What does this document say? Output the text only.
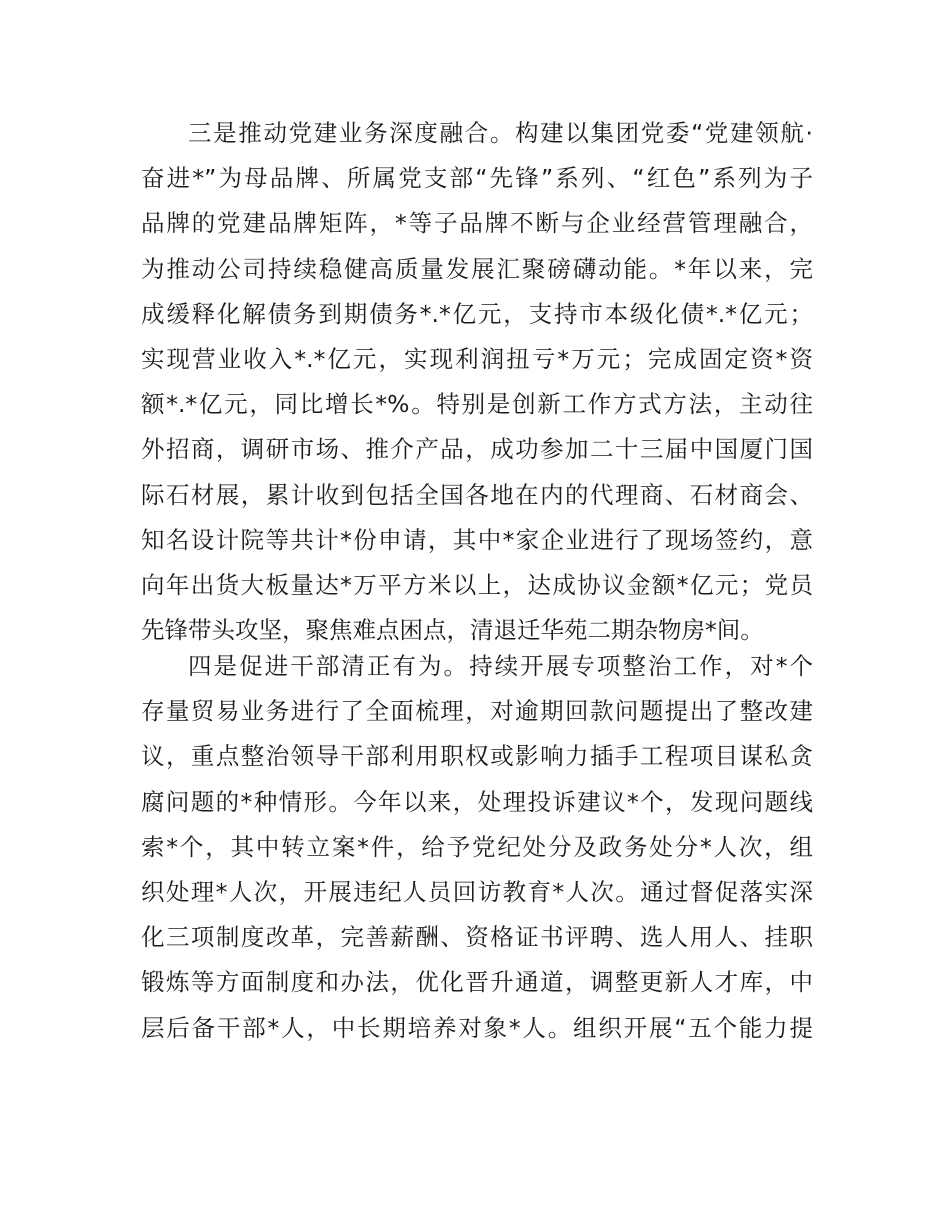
三是推动党建业务深度融合。构建以集团党委“党建领航·
奋进*”为母品牌、所属党支部“先锋”系列、“红色”系列为子
品牌的党建品牌矩阵，*等子品牌不断与企业经营管理融合，
为推动公司持续稳健高质量发展汇聚磅礴动能。*年以来，完
成缓释化解债务到期债务*.*亿元，支持市本级化债*.*亿元；
实现营业收入*.*亿元，实现利润扭亏*万元；完成固定资*资
额*.*亿元，同比增长*%。特别是创新工作方式方法，主动往
外招商，调研市场、推介产品，成功参加二十三届中国厦门国
际石材展，累计收到包括全国各地在内的代理商、石材商会、
知名设计院等共计*份申请，其中*家企业进行了现场签约，意
向年出货大板量达*万平方米以上，达成协议金额*亿元；党员
先锋带头攻坚，聚焦难点困点，清退迁华苑二期杂物房*间。
四是促进干部清正有为。持续开展专项整治工作，对*个
存量贸易业务进行了全面梳理，对逾期回款问题提出了整改建
议，重点整治领导干部利用职权或影响力插手工程项目谋私贪
腐问题的*种情形。今年以来，处理投诉建议*个，发现问题线
索*个，其中转立案*件，给予党纪处分及政务处分*人次，组
织处理*人次，开展违纪人员回访教育*人次。通过督促落实深
化三项制度改革，完善薪酬、资格证书评聘、选人用人、挂职
锻炼等方面制度和办法，优化晋升通道，调整更新人才库，中
层后备干部*人，中长期培养对象*人。组织开展“五个能力提
